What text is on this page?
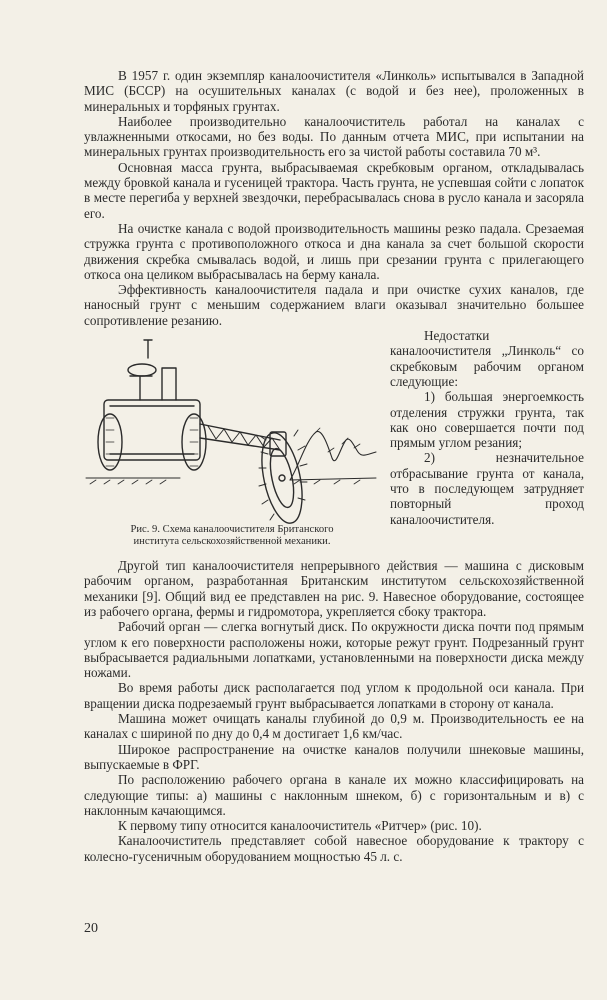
В 1957 г. один экземпляр каналоочистителя «Линколь» испытывался в Западной МИС (БССР) на осушительных каналах (с водой и без нее), проложенных в минеральных и торфяных грунтах.

Наиболее производительно каналоочиститель работал на каналах с увлажненными откосами, но без воды. По данным отчета МИС, при испытании на минеральных грунтах производительность его за чистой работы составила 70 м³.

Основная масса грунта, выбрасываемая скребковым органом, откладывалась между бровкой канала и гусеницей трактора. Часть грунта, не успевшая сойти с лопаток в месте перегиба у верхней звездочки, перебрасывалась снова в русло канала и засоряла его.

На очистке канала с водой производительность машины резко падала. Срезаемая стружка грунта с противоположного откоса и дна канала за счет большой скорости движения скребка смывалась водой, и лишь при срезании грунта с прилегающего откоса она целиком выбрасывалась на берму канала.

Эффективность каналоочистителя падала и при очистке сухих каналов, где наносный грунт с меньшим содержанием влаги оказывал значительно большее сопротивление резанию.

Рис. 9. Схема каналоочистителя Британского
института сельскохозяйственной механики.

Недостатки каналоочистителя „Линколь“ со скребковым рабочим органом следующие:

1) большая энергоемкость отделения стружки грунта, так как оно совершается почти под прямым углом резания;

2) незначительное отбрасывание грунта от канала, что в последующем затрудняет повторный проход каналоочистителя.

Другой тип каналоочистителя непрерывного действия — машина с дисковым рабочим органом, разработанная Британским институтом сельскохозяйственной механики [9]. Общий вид ее представлен на рис. 9. Навесное оборудование, состоящее из рабочего органа, фермы и гидромотора, укрепляется сбоку трактора.

Рабочий орган — слегка вогнутый диск. По окружности диска почти под прямым углом к его поверхности расположены ножи, которые режут грунт. Подрезанный грунт выбрасывается радиальными лопатками, установленными на поверхности диска между ножами.

Во время работы диск располагается под углом к продольной оси канала. При вращении диска подрезаемый грунт выбрасывается лопатками в сторону от канала.

Машина может очищать каналы глубиной до 0,9 м. Производительность ее на каналах с шириной по дну до 0,4 м достигает 1,6 км/час.

Широкое распространение на очистке каналов получили шнековые машины, выпускаемые в ФРГ.

По расположению рабочего органа в канале их можно классифицировать на следующие типы: а) машины с наклонным шнеком, б) с горизонтальным и в) с наклонным качающимся.

К первому типу относится каналоочиститель «Ритчер» (рис. 10).

Каналоочиститель представляет собой навесное оборудование к трактору с колесно-гусеничным оборудованием мощностью 45 л. с.

20
